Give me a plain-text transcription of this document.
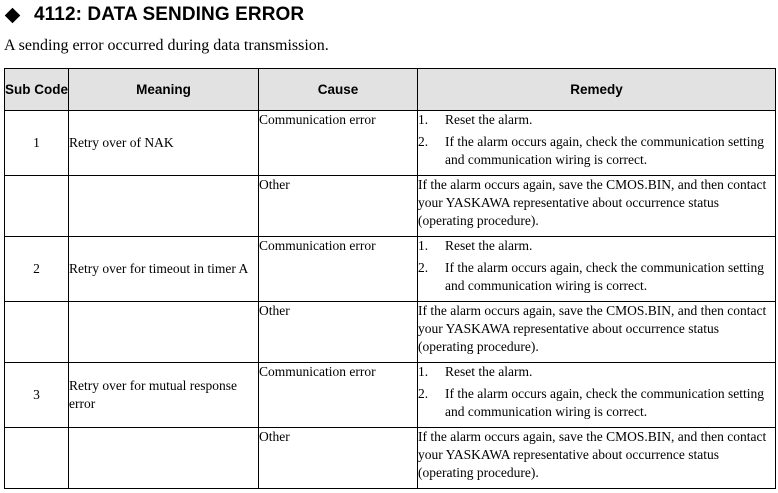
4112: DATA SENDING ERROR
A sending error occurred during data transmission.
Sub Code	Meaning	Cause	Remedy
1	Retry over of NAK	Communication error	1. Reset the alarm.
2. If the alarm occurs again, check the communication setting and communication wiring is correct.

		Other	If the alarm occurs again, save the CMOS.BIN, and then contact your YASKAWA representative about occurrence status (operating procedure).
2	Retry over for timeout in timer A	Communication error	1. Reset the alarm.
2. If the alarm occurs again, check the communication setting and communication wiring is correct.

		Other	If the alarm occurs again, save the CMOS.BIN, and then contact your YASKAWA representative about occurrence status (operating procedure).
3	Retry over for mutual response error	Communication error	1. Reset the alarm.
2. If the alarm occurs again, check the communication setting and communication wiring is correct.

		Other	If the alarm occurs again, save the CMOS.BIN, and then contact your YASKAWA representative about occurrence status (operating procedure).
